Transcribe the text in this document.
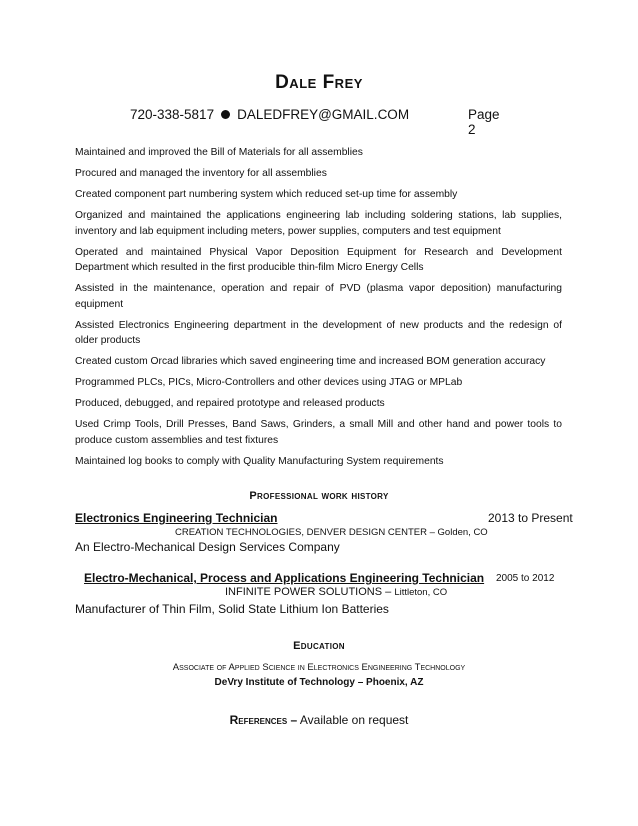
Dale Frey
720-338-5817 DALEDFREY@GMAIL.COM	Page 2

Maintained and improved the Bill of Materials for all assemblies

Procured and managed the inventory for all assemblies

Created component part numbering system which reduced set-up time for assembly

Organized and maintained the applications engineering lab including soldering stations, lab supplies, inventory and lab equipment including meters, power supplies, computers and test equipment

Operated and maintained Physical Vapor Deposition Equipment for Research and Development Department which resulted in the first producible thin-film Micro Energy Cells

Assisted in the maintenance, operation and repair of PVD (plasma vapor deposition) manufacturing equipment

Assisted Electronics Engineering department in the development of new products and the redesign of older products

Created custom Orcad libraries which saved engineering time and increased BOM generation accuracy

Programmed PLCs, PICs, Micro-Controllers and other devices using JTAG or MPLab

Produced, debugged, and repaired prototype and released products

Used Crimp Tools, Drill Presses, Band Saws, Grinders, a small Mill and other hand and power tools to produce custom assemblies and test fixtures

Maintained log books to comply with Quality Manufacturing System requirements

Professional work history
Electronics Engineering Technician	2013 to Present
CREATION TECHNOLOGIES, DENVER DESIGN CENTER – Golden, CO
An Electro-Mechanical Design Services Company
Electro-Mechanical, Process and Applications Engineering Technician 2005 to 2012
INFINITE POWER SOLUTIONS – Littleton, CO
Manufacturer of Thin Film, Solid State Lithium Ion Batteries
Education
Associate of Applied Science in Electronics Engineering Technology
DeVry Institute of Technology – Phoenix, AZ
References – Available on request
